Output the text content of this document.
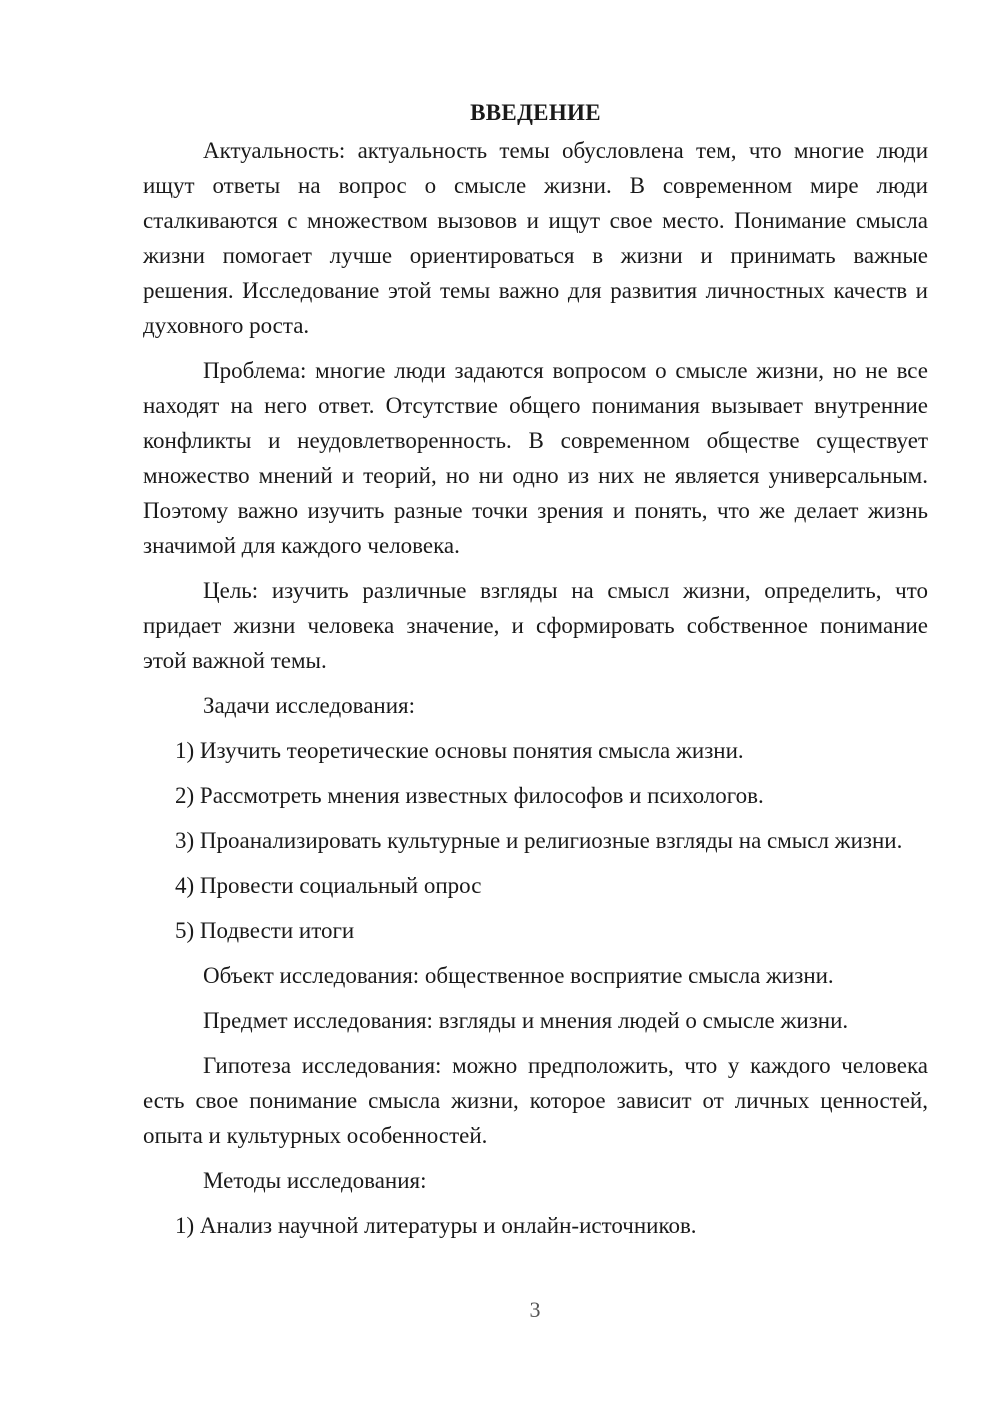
ВВЕДЕНИЕ

Актуальность: актуальность темы обусловлена тем, что многие люди ищут ответы на вопрос о смысле жизни. В современном мире люди сталкиваются с множеством вызовов и ищут свое место. Понимание смысла жизни помогает лучше ориентироваться в жизни и принимать важные решения. Исследование этой темы важно для развития личностных качеств и духовного роста.

Проблема: многие люди задаются вопросом о смысле жизни, но не все находят на него ответ. Отсутствие общего понимания вызывает внутренние конфликты и неудовлетворенность. В современном обществе существует множество мнений и теорий, но ни одно из них не является универсальным. Поэтому важно изучить разные точки зрения и понять, что же делает жизнь значимой для каждого человека.

Цель: изучить различные взгляды на смысл жизни, определить, что придает жизни человека значение, и сформировать собственное понимание этой важной темы.

Задачи исследования:

1) Изучить теоретические основы понятия смысла жизни.

2) Рассмотреть мнения известных философов и психологов.

3) Проанализировать культурные и религиозные взгляды на смысл жизни.

4) Провести социальный опрос

5) Подвести итоги

Объект исследования: общественное восприятие смысла жизни.

Предмет исследования: взгляды и мнения людей о смысле жизни.

Гипотеза исследования: можно предположить, что у каждого человека есть свое понимание смысла жизни, которое зависит от личных ценностей, опыта и культурных особенностей.

Методы исследования:

1) Анализ научной литературы и онлайн-источников.

3
